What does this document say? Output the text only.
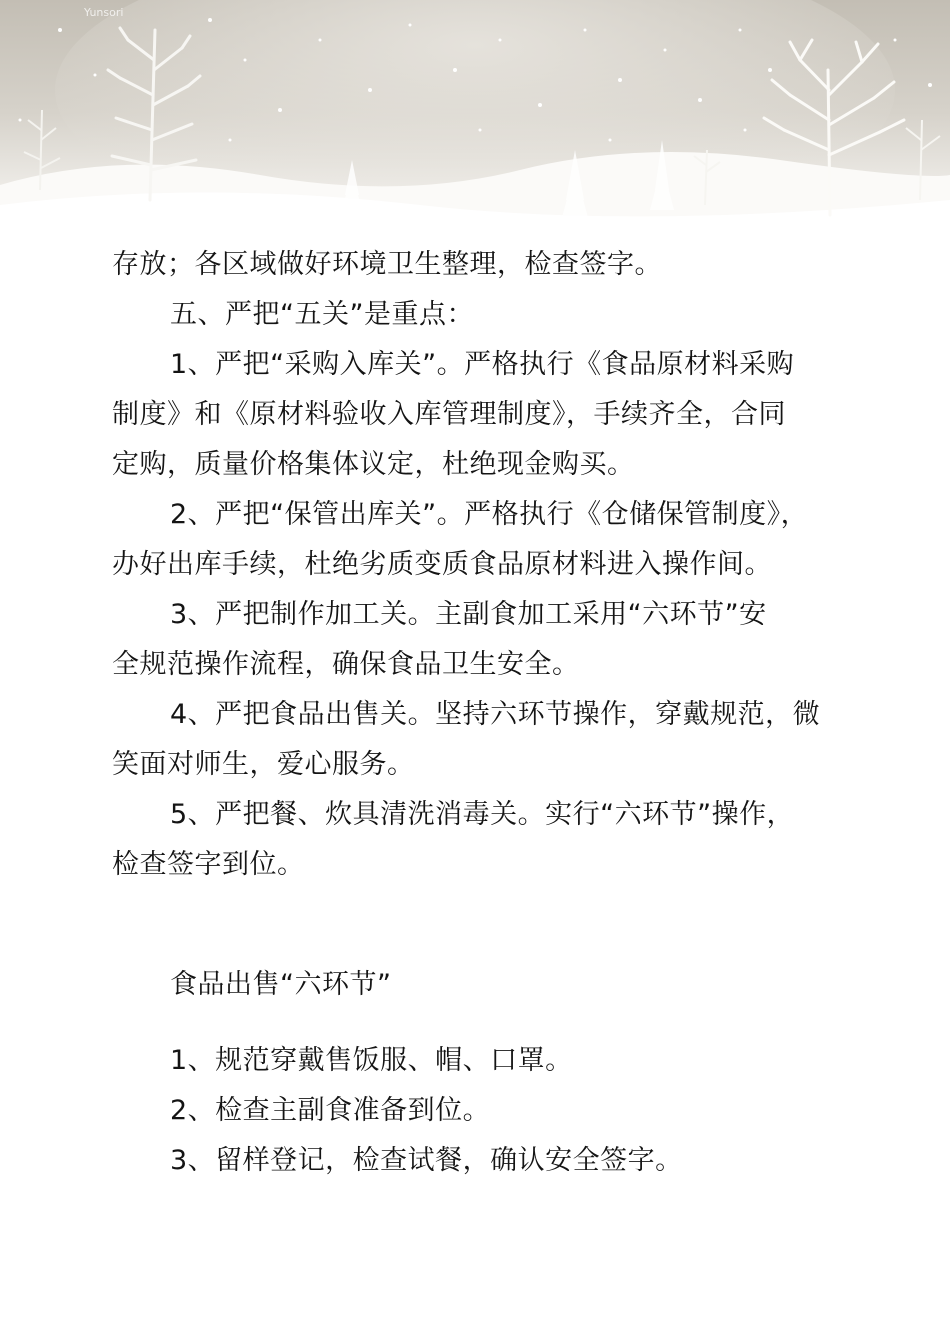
Yunsori
存放；各区域做好环境卫生整理，检查签字。
五、严把“五关”是重点：
1、严把“采购入库关”。严格执行《食品原材料采购
制度》和《原材料验收入库管理制度》，手续齐全，合同
定购，质量价格集体议定，杜绝现金购买。
2、严把“保管出库关”。严格执行《仓储保管制度》，
办好出库手续，杜绝劣质变质食品原材料进入操作间。
3、严把制作加工关。主副食加工采用“六环节”安
全规范操作流程，确保食品卫生安全。
4、严把食品出售关。坚持六环节操作，穿戴规范，微
笑面对师生，爱心服务。
5、严把餐、炊具清洗消毒关。实行“六环节”操作，
检查签字到位。
食品出售“六环节”
1、规范穿戴售饭服、帽、口罩。
2、检查主副食准备到位。
3、留样登记，检查试餐，确认安全签字。
